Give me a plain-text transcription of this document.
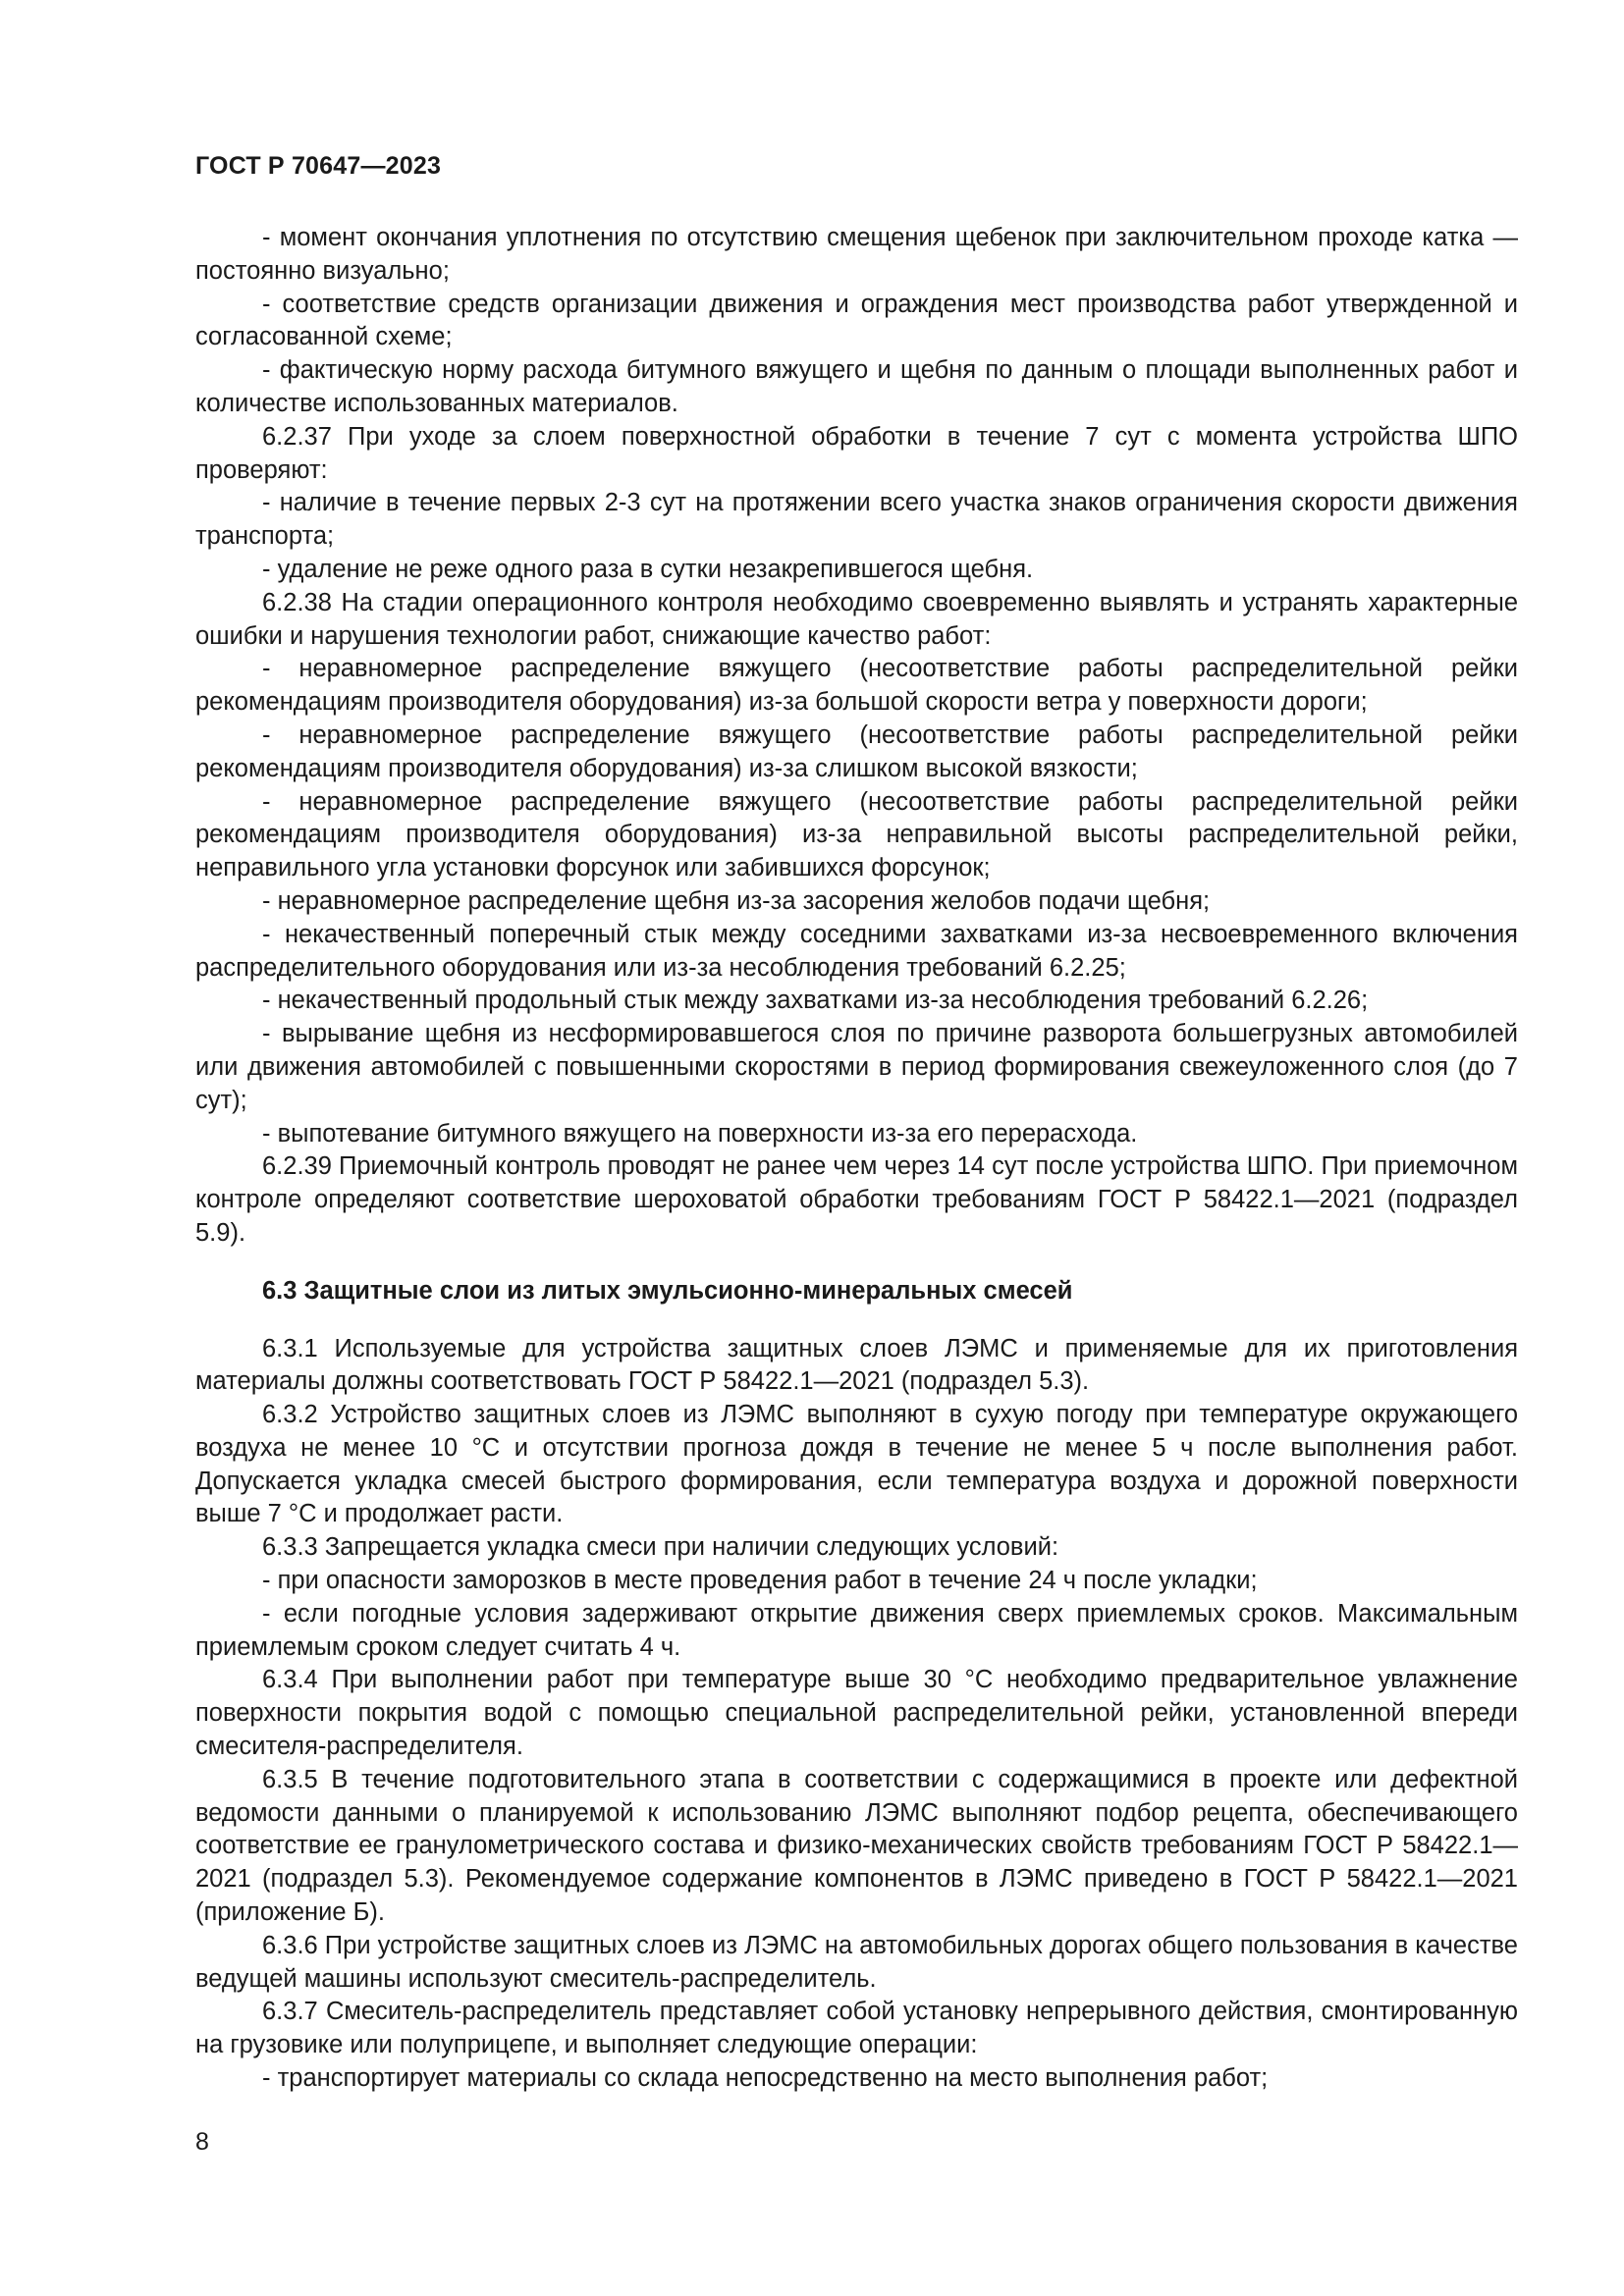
ГОСТ Р 70647—2023

- момент окончания уплотнения по отсутствию смещения щебенок при заключительном проходе катка — постоянно визуально;

- соответствие средств организации движения и ограждения мест производства работ утвержденной и согласованной схеме;

- фактическую норму расхода битумного вяжущего и щебня по данным о площади выполненных работ и количестве использованных материалов.

6.2.37 При уходе за слоем поверхностной обработки в течение 7 сут с момента устройства ШПО проверяют:

- наличие в течение первых 2-3 сут на протяжении всего участка знаков ограничения скорости движения транспорта;

- удаление не реже одного раза в сутки незакрепившегося щебня.

6.2.38 На стадии операционного контроля необходимо своевременно выявлять и устранять характерные ошибки и нарушения технологии работ, снижающие качество работ:

- неравномерное распределение вяжущего (несоответствие работы распределительной рейки рекомендациям производителя оборудования) из-за большой скорости ветра у поверхности дороги;

- неравномерное распределение вяжущего (несоответствие работы распределительной рейки рекомендациям производителя оборудования) из-за слишком высокой вязкости;

- неравномерное распределение вяжущего (несоответствие работы распределительной рейки рекомендациям производителя оборудования) из-за неправильной высоты распределительной рейки, неправильного угла установки форсунок или забившихся форсунок;

- неравномерное распределение щебня из-за засорения желобов подачи щебня;

- некачественный поперечный стык между соседними захватками из-за несвоевременного включения распределительного оборудования или из-за несоблюдения требований 6.2.25;

- некачественный продольный стык между захватками из-за несоблюдения требований 6.2.26;

- вырывание щебня из несформировавшегося слоя по причине разворота большегрузных автомобилей или движения автомобилей с повышенными скоростями в период формирования свежеуложенного слоя (до 7 сут);

- выпотевание битумного вяжущего на поверхности из-за его перерасхода.

6.2.39 Приемочный контроль проводят не ранее чем через 14 сут после устройства ШПО. При приемочном контроле определяют соответствие шероховатой обработки требованиям ГОСТ Р 58422.1—2021 (подраздел 5.9).

6.3 Защитные слои из литых эмульсионно-минеральных смесей

6.3.1 Используемые для устройства защитных слоев ЛЭМС и применяемые для их приготовления материалы должны соответствовать ГОСТ Р 58422.1—2021 (подраздел 5.3).

6.3.2 Устройство защитных слоев из ЛЭМС выполняют в сухую погоду при температуре окружающего воздуха не менее 10 °С и отсутствии прогноза дождя в течение не менее 5 ч после выполнения работ. Допускается укладка смесей быстрого формирования, если температура воздуха и дорожной поверхности выше 7 °С и продолжает расти.

6.3.3 Запрещается укладка смеси при наличии следующих условий:

- при опасности заморозков в месте проведения работ в течение 24 ч после укладки;

- если погодные условия задерживают открытие движения сверх приемлемых сроков. Максимальным приемлемым сроком следует считать 4 ч.

6.3.4 При выполнении работ при температуре выше 30 °С необходимо предварительное увлажнение поверхности покрытия водой с помощью специальной распределительной рейки, установленной впереди смесителя-распределителя.

6.3.5 В течение подготовительного этапа в соответствии с содержащимися в проекте или дефектной ведомости данными о планируемой к использованию ЛЭМС выполняют подбор рецепта, обеспечивающего соответствие ее гранулометрического состава и физико-механических свойств требованиям ГОСТ Р 58422.1—2021 (подраздел 5.3). Рекомендуемое содержание компонентов в ЛЭМС приведено в ГОСТ Р 58422.1—2021 (приложение Б).

6.3.6 При устройстве защитных слоев из ЛЭМС на автомобильных дорогах общего пользования в качестве ведущей машины используют смеситель-распределитель.

6.3.7 Смеситель-распределитель представляет собой установку непрерывного действия, смонтированную на грузовике или полуприцепе, и выполняет следующие операции:

- транспортирует материалы со склада непосредственно на место выполнения работ;

8
